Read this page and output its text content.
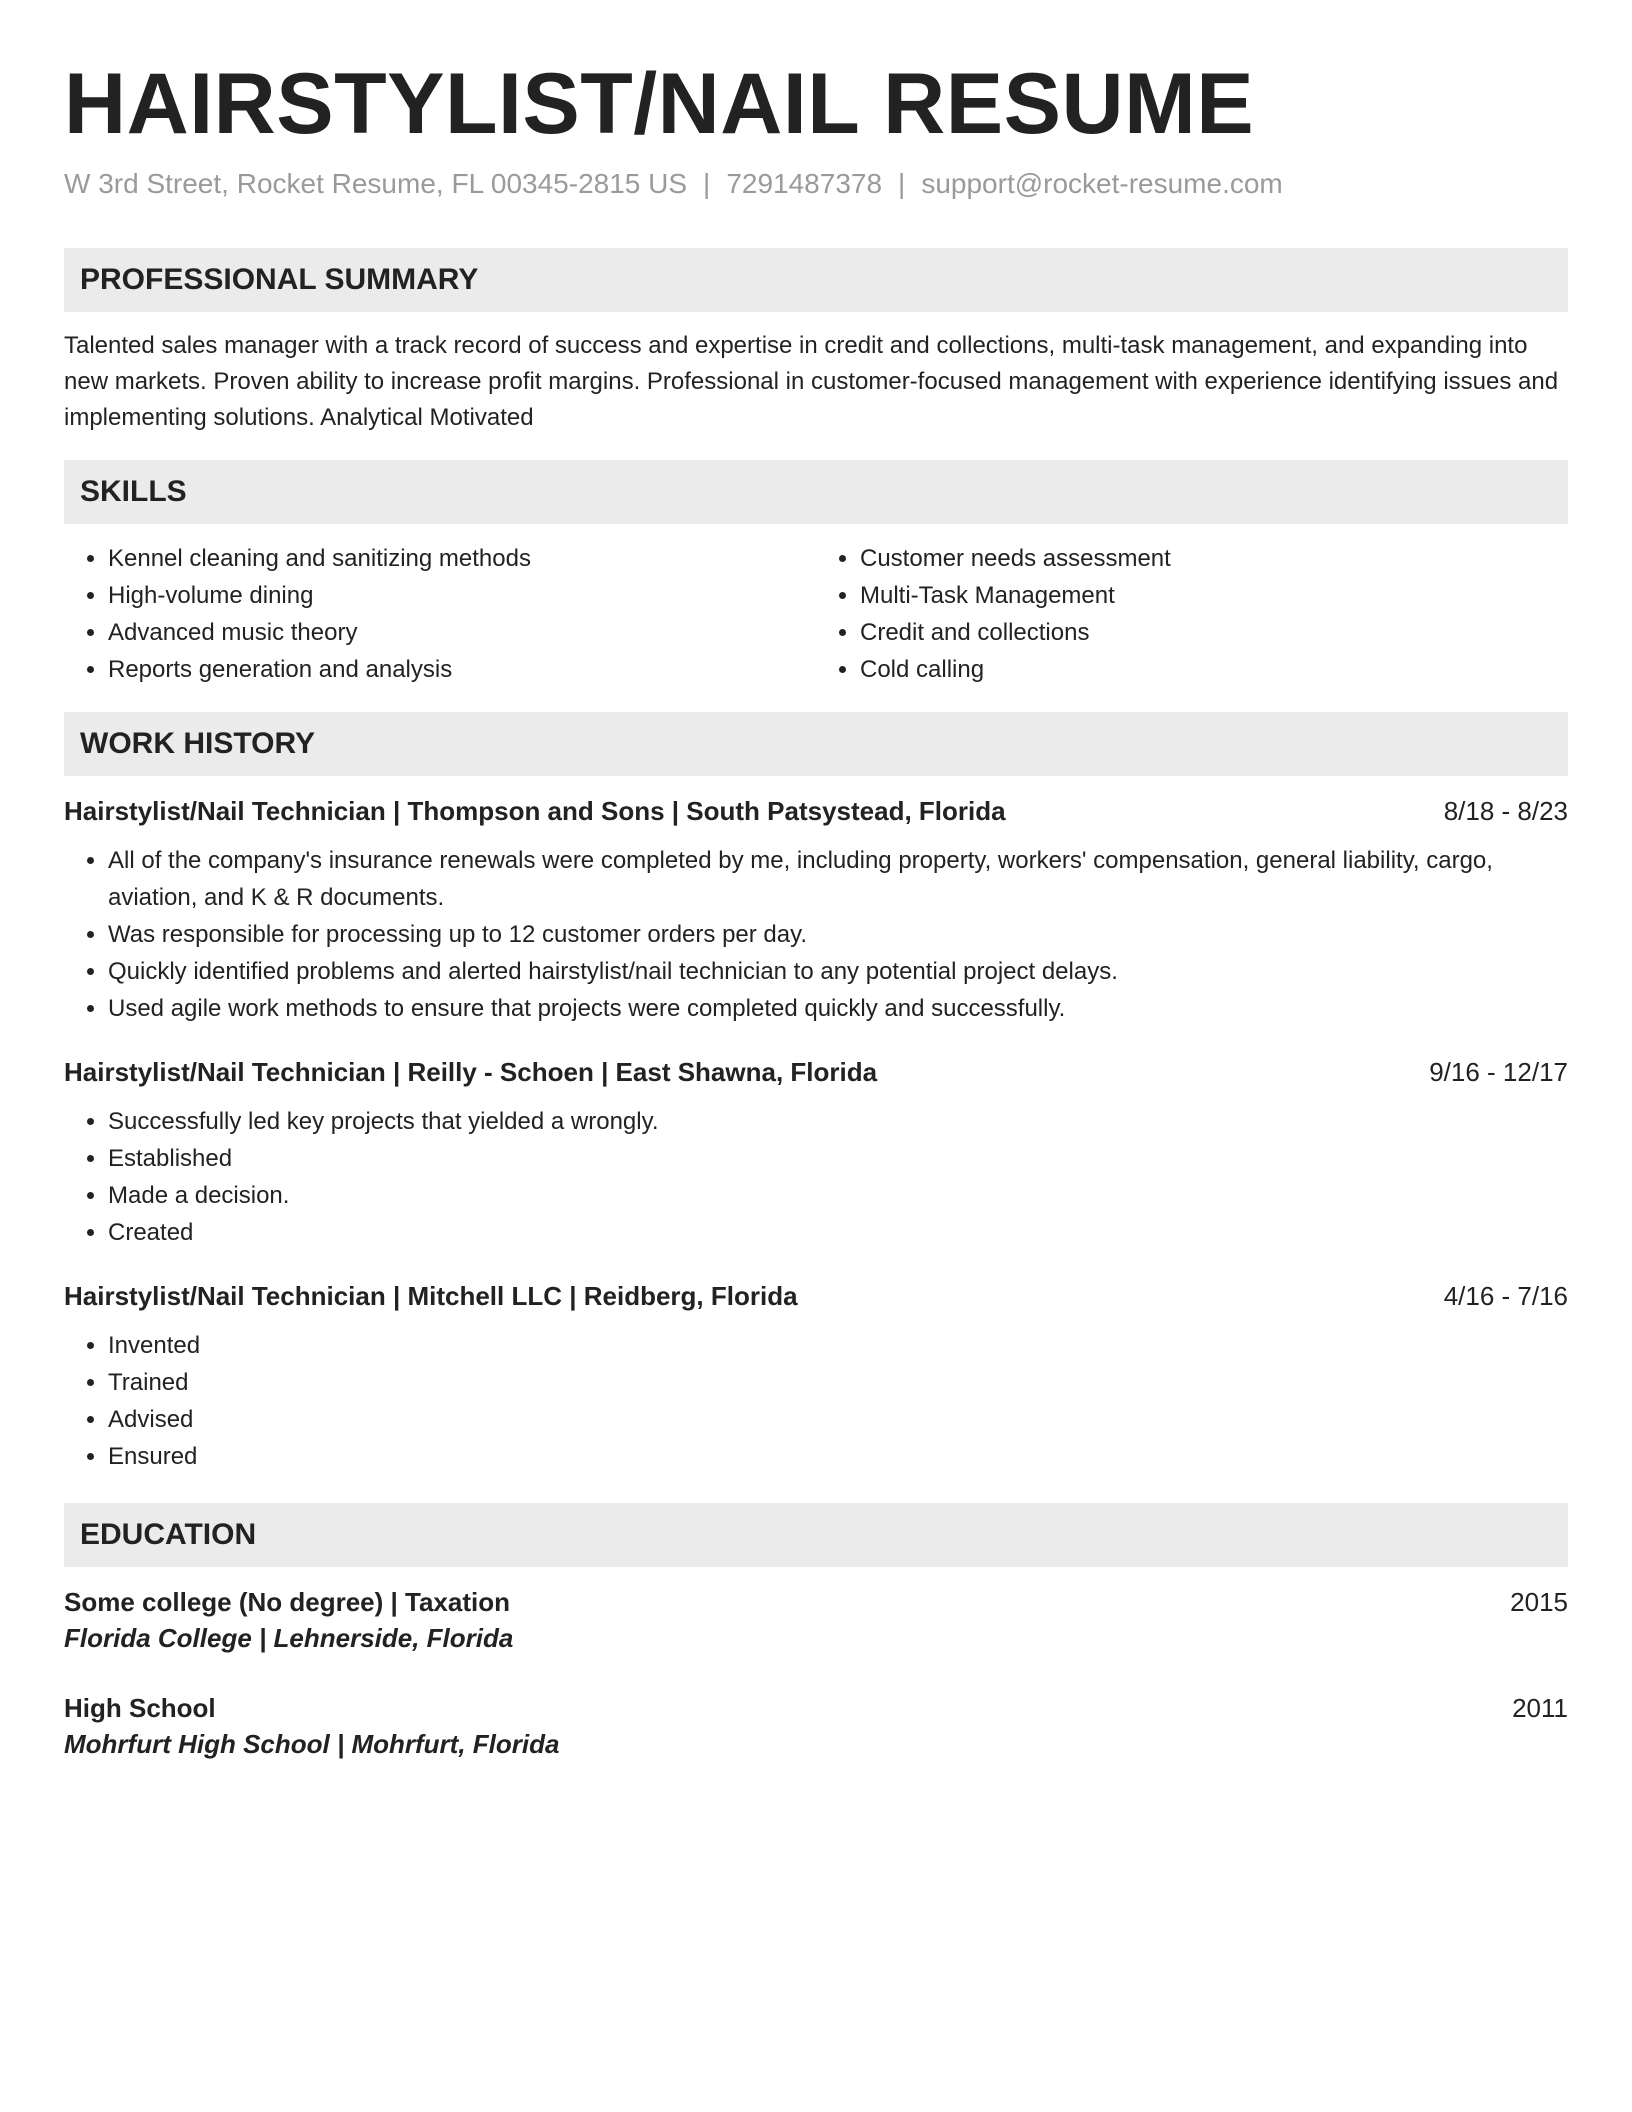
HAIRSTYLIST/NAIL RESUME
W 3rd Street, Rocket Resume, FL 00345-2815 US | 7291487378 | support@rocket-resume.com
PROFESSIONAL SUMMARY
Talented sales manager with a track record of success and expertise in credit and collections, multi-task management, and expanding into new markets. Proven ability to increase profit margins. Professional in customer-focused management with experience identifying issues and implementing solutions. Analytical Motivated
SKILLS
• Kennel cleaning and sanitizing methods
• High-volume dining
• Advanced music theory
• Reports generation and analysis
• Customer needs assessment
• Multi-Task Management
• Credit and collections
• Cold calling
WORK HISTORY
Hairstylist/Nail Technician | Thompson and Sons | South Patsystead, Florida	8/18 - 8/23
• All of the company's insurance renewals were completed by me, including property, workers' compensation, general liability, cargo, aviation, and K & R documents.
• Was responsible for processing up to 12 customer orders per day.
• Quickly identified problems and alerted hairstylist/nail technician to any potential project delays.
• Used agile work methods to ensure that projects were completed quickly and successfully.
Hairstylist/Nail Technician | Reilly - Schoen | East Shawna, Florida	9/16 - 12/17
• Successfully led key projects that yielded a wrongly.
• Established
• Made a decision.
• Created
Hairstylist/Nail Technician | Mitchell LLC | Reidberg, Florida	4/16 - 7/16
• Invented
• Trained
• Advised
• Ensured
EDUCATION
Some college (No degree) | Taxation	2015
Florida College | Lehnerside, Florida
High School	2011
Mohrfurt High School | Mohrfurt, Florida
